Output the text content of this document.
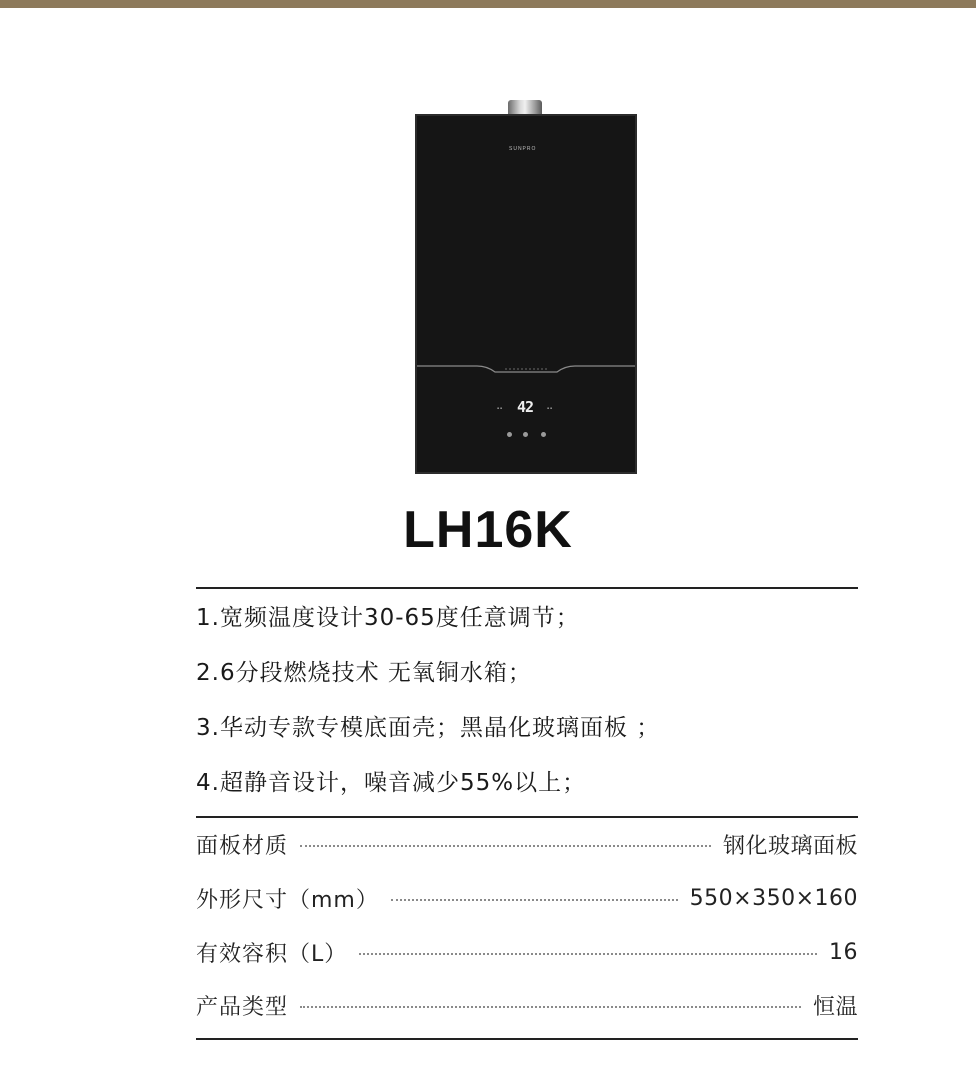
SUNPRO
▪ ▪ 42	▪ ▪
LH16K
1.宽频温度设计30-65度任意调节；
2.6分段燃烧技术 无氧铜水箱；
3.华动专款专模底面壳；黑晶化玻璃面板 ；
4.超静音设计，噪音减少55%以上；
面板材质	钢化玻璃面板
外形尺寸（mm）	550×350×160
有效容积（L）	16
产品类型	恒温
